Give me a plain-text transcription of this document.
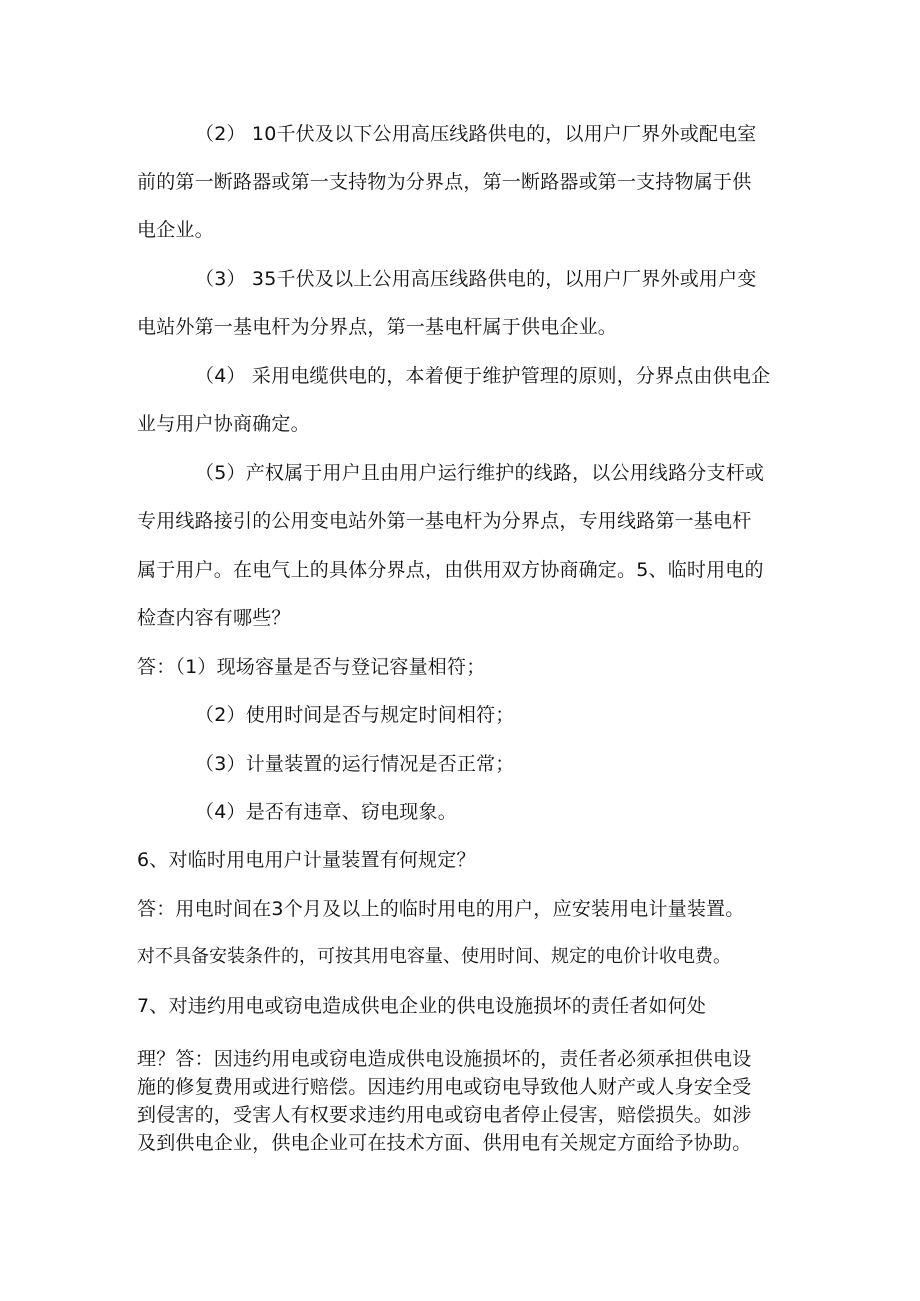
（2） 10千伏及以下公用高压线路供电的，以用户厂界外或配电室
前的第一断路器或第一支持物为分界点，第一断路器或第一支持物属于供
电企业。
（3） 35千伏及以上公用高压线路供电的，以用户厂界外或用户变
电站外第一基电杆为分界点，第一基电杆属于供电企业。
（4） 采用电缆供电的，本着便于维护管理的原则，分界点由供电企
业与用户协商确定。
（5）产权属于用户且由用户运行维护的线路，以公用线路分支杆或
专用线路接引的公用变电站外第一基电杆为分界点，专用线路第一基电杆
属于用户。在电气上的具体分界点，由供用双方协商确定。5、临时用电的
检查内容有哪些？
答：（1）现场容量是否与登记容量相符；
（2）使用时间是否与规定时间相符；
（3）计量装置的运行情况是否正常；
（4）是否有违章、窃电现象。
6、对临时用电用户计量装置有何规定？
答：用电时间在3个月及以上的临时用电的用户，应安装用电计量装置。
对不具备安装条件的，可按其用电容量、使用时间、规定的电价计收电费。
7、对违约用电或窃电造成供电企业的供电设施损坏的责任者如何处
理？答：因违约用电或窃电造成供电设施损坏的，责任者必须承担供电设
施的修复费用或进行赔偿。因违约用电或窃电导致他人财产或人身安全受
到侵害的，受害人有权要求违约用电或窃电者停止侵害，赔偿损失。如涉
及到供电企业，供电企业可在技术方面、供用电有关规定方面给予协助。
